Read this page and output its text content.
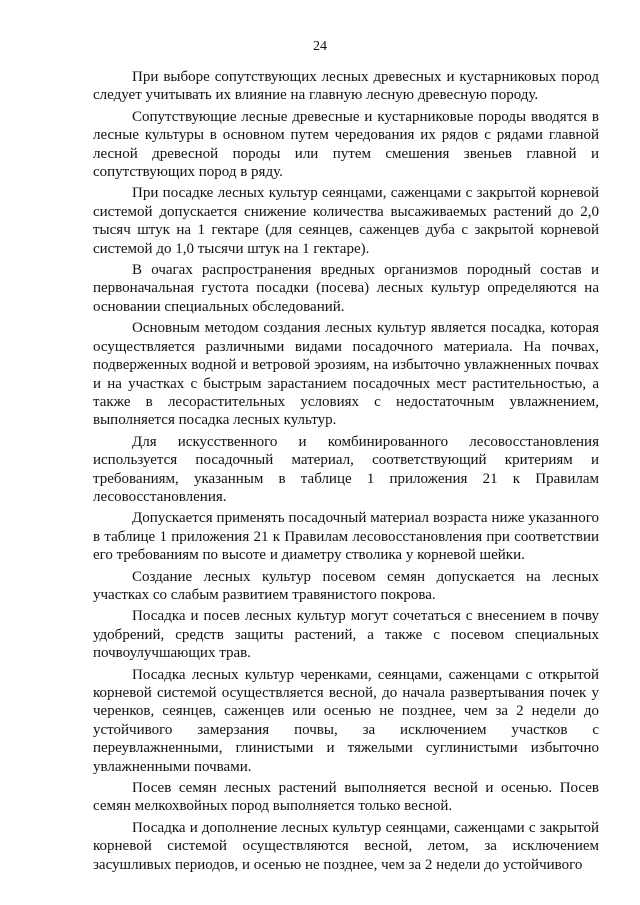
24

При выборе сопутствующих лесных древесных и кустарниковых пород следует учитывать их влияние на главную лесную древесную породу.

Сопутствующие лесные древесные и кустарниковые породы вводятся в лесные культуры в основном путем чередования их рядов с рядами главной лесной древесной породы или путем смешения звеньев главной и сопутствующих пород в ряду.

При посадке лесных культур сеянцами, саженцами с закрытой корневой системой допускается снижение количества высаживаемых растений до 2,0 тысяч штук на 1 гектаре (для сеянцев, саженцев дуба с закрытой корневой системой до 1,0 тысячи штук на 1 гектаре).

В очагах распространения вредных организмов породный состав и первоначальная густота посадки (посева) лесных культур определяются на основании специальных обследований.

Основным методом создания лесных культур является посадка, которая осуществляется различными видами посадочного материала. На почвах, подверженных водной и ветровой эрозиям, на избыточно увлажненных почвах и на участках с быстрым зарастанием посадочных мест растительностью, а также в лесорастительных условиях с недостаточным увлажнением, выполняется посадка лесных культур.

Для искусственного и комбинированного лесовосстановления используется посадочный материал, соответствующий критериям и требованиям, указанным в таблице 1 приложения 21 к Правилам лесовосстановления.

Допускается применять посадочный материал возраста ниже указанного в таблице 1 приложения 21 к Правилам лесовосстановления при соответствии его требованиям по высоте и диаметру стволика у корневой шейки.

Создание лесных культур посевом семян допускается на лесных участках со слабым развитием травянистого покрова.

Посадка и посев лесных культур могут сочетаться с внесением в почву удобрений, средств защиты растений, а также с посевом специальных почвоулучшающих трав.

Посадка лесных культур черенками, сеянцами, саженцами с открытой корневой системой осуществляется весной, до начала развертывания почек у черенков, сеянцев, саженцев или осенью не позднее, чем за 2 недели до устойчивого замерзания почвы, за исключением участков с переувлажненными, глинистыми и тяжелыми суглинистыми избыточно увлажненными почвами.

Посев семян лесных растений выполняется весной и осенью. Посев семян мелкохвойных пород выполняется только весной.

Посадка и дополнение лесных культур сеянцами, саженцами с закрытой корневой системой осуществляются весной, летом, за исключением засушливых периодов, и осенью не позднее, чем за 2 недели до устойчивого
